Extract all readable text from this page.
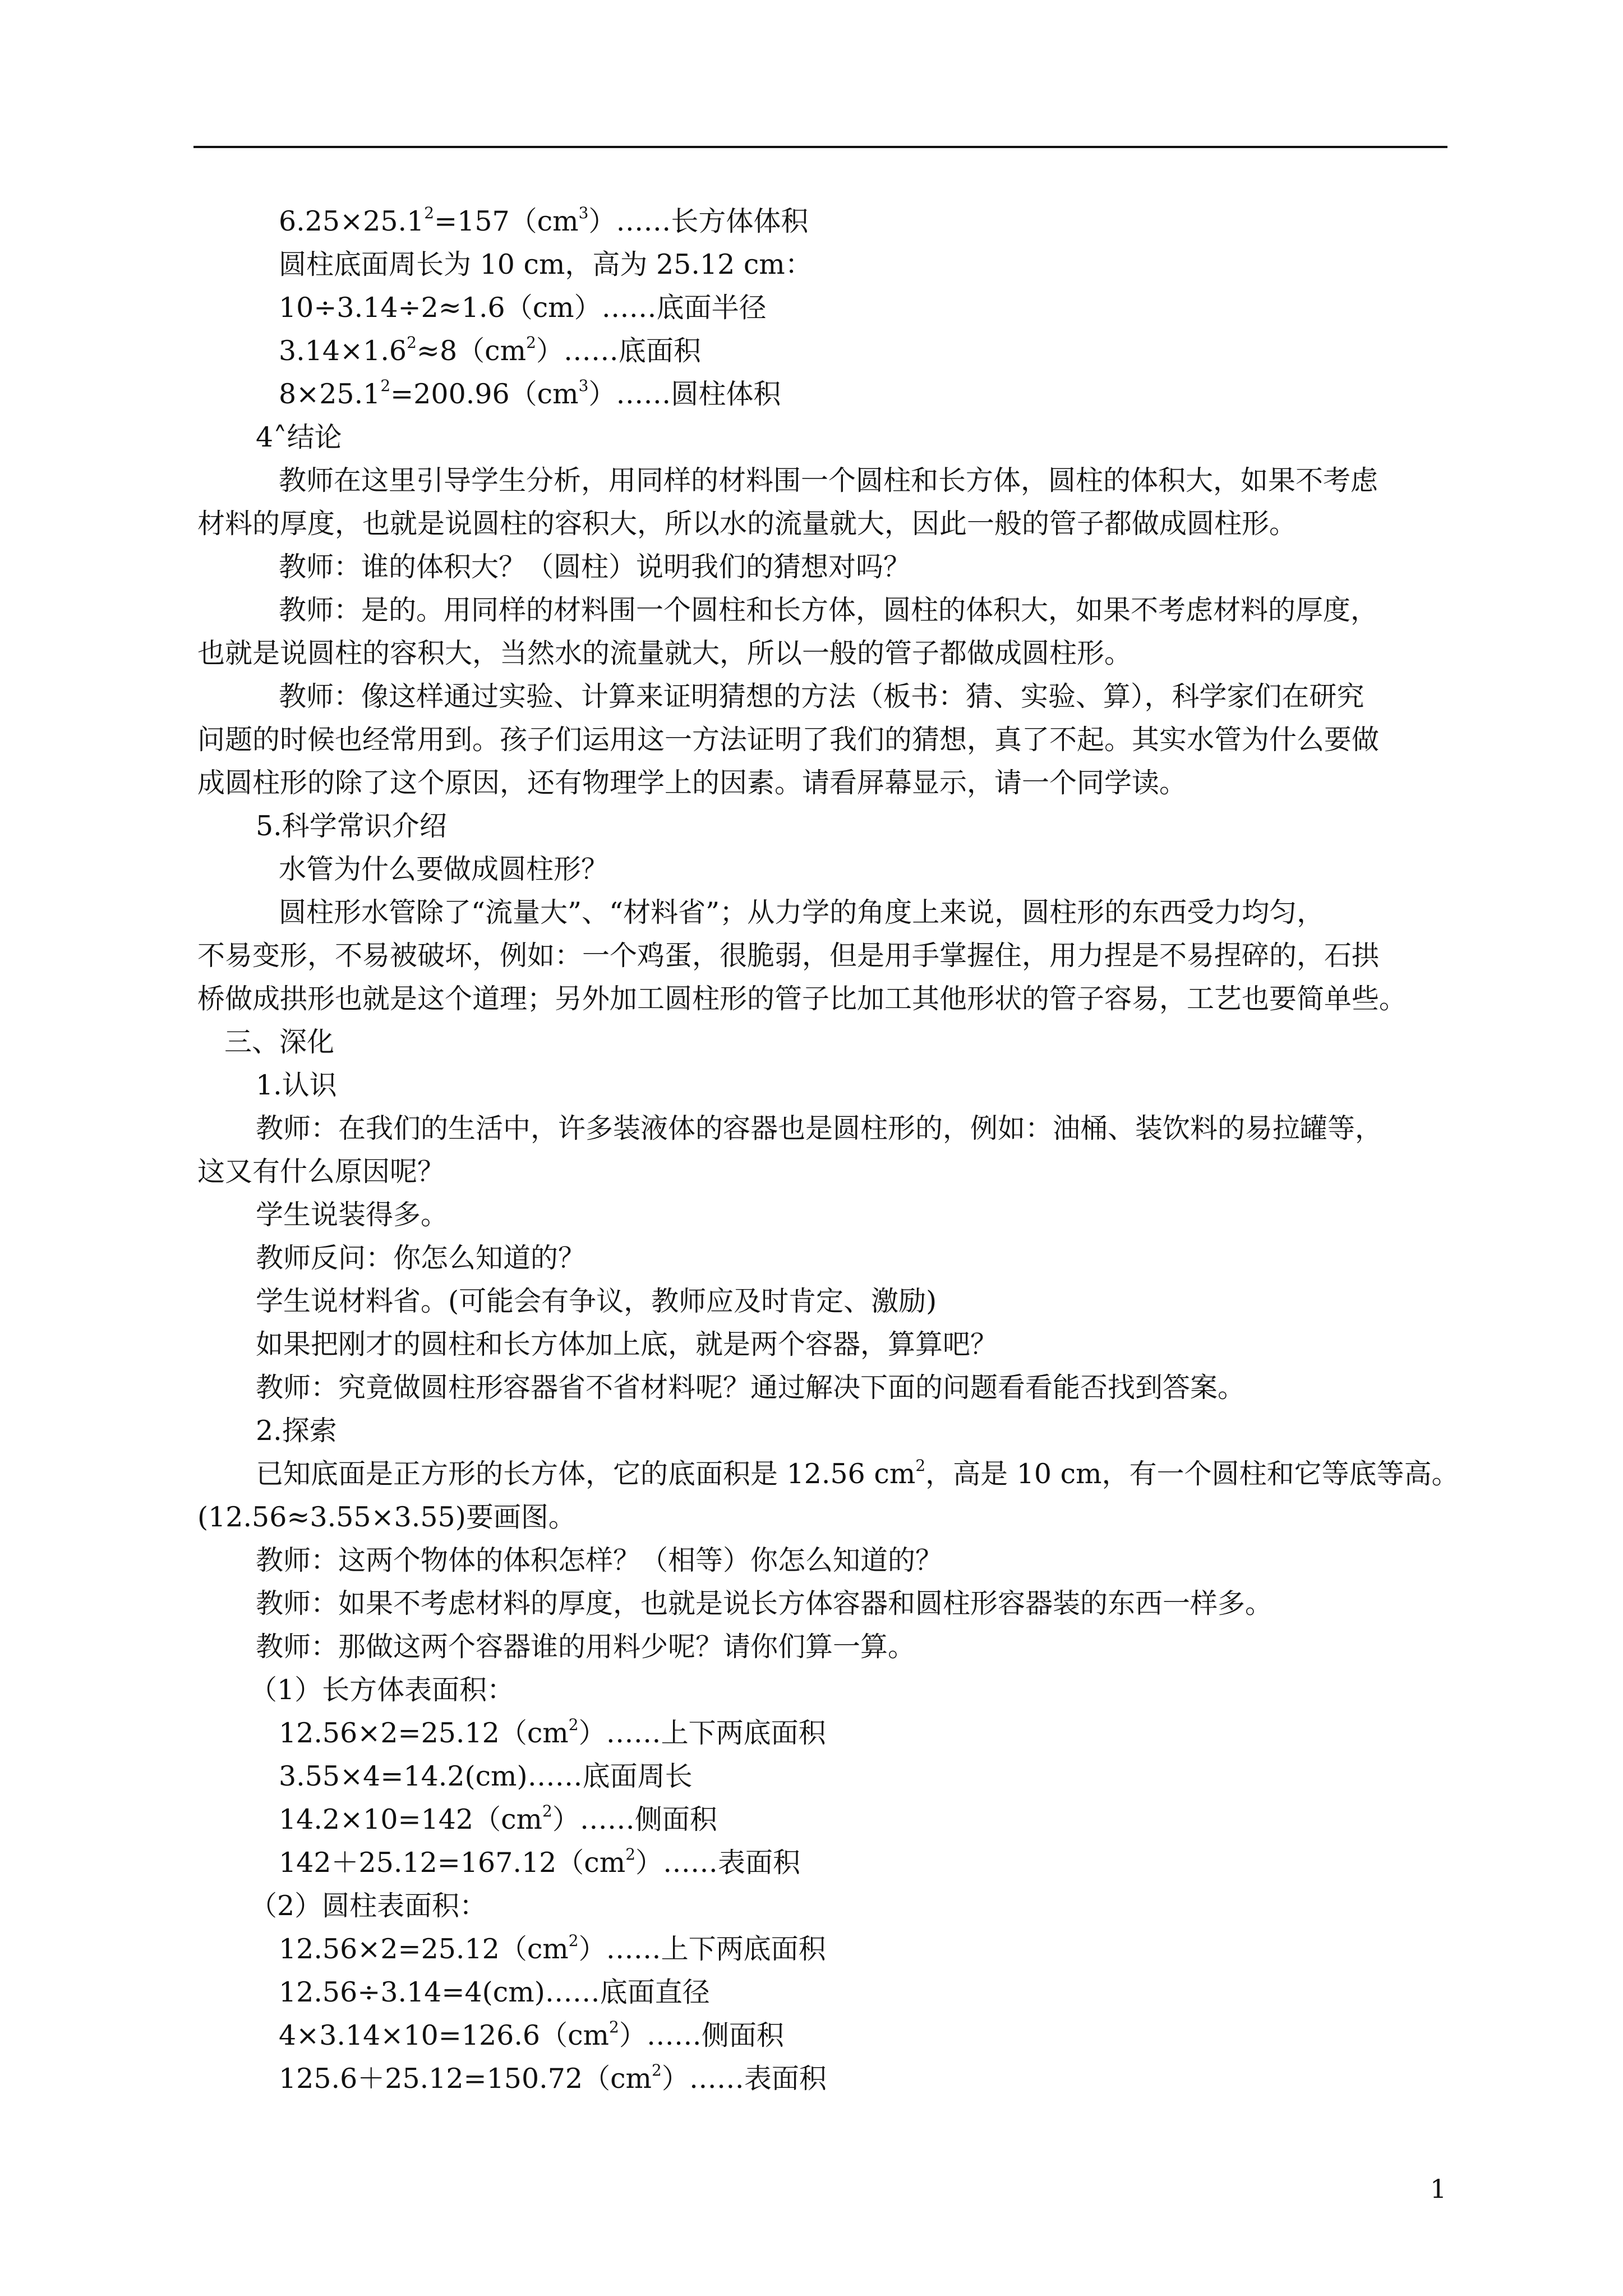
$6.25\times 25.1^2=157(cm^3)\dots\dots$长方体体积
圆柱底面周长为 10 cm，高为 25.12 cm：
10÷3.14÷2≈1.6（cm）……底面半径
$3.14\times 1.6^2\approx 8(cm^2)\dots\dots$底面积
$8\times 25.1^2=200.96(cm^3)\dots\dots$圆柱体积
4˄结论
教师在这里引导学生分析，用同样的材料围一个圆柱和长方体，圆柱的体积大，如果不考虑
材料的厚度，也就是说圆柱的容积大，所以水的流量就大，因此一般的管子都做成圆柱形。
教师：谁的体积大？（圆柱）说明我们的猜想对吗？
教师：是的。用同样的材料围一个圆柱和长方体，圆柱的体积大，如果不考虑材料的厚度，
也就是说圆柱的容积大，当然水的流量就大，所以一般的管子都做成圆柱形。
教师：像这样通过实验、计算来证明猜想的方法（板书：猜、实验、算），科学家们在研究
问题的时候也经常用到。孩子们运用这一方法证明了我们的猜想，真了不起。其实水管为什么要做
成圆柱形的除了这个原因，还有物理学上的因素。请看屏幕显示，请一个同学读。
5.科学常识介绍
水管为什么要做成圆柱形？
圆柱形水管除了“流量大”、“材料省”；从力学的角度上来说，圆柱形的东西受力均匀，
不易变形，不易被破坏，例如：一个鸡蛋，很脆弱，但是用手掌握住，用力捏是不易捏碎的，石拱
桥做成拱形也就是这个道理；另外加工圆柱形的管子比加工其他形状的管子容易，工艺也要简单些。
三、深化
1.认识
教师：在我们的生活中，许多装液体的容器也是圆柱形的，例如：油桶、装饮料的易拉罐等，
这又有什么原因呢？
学生说装得多。
教师反问：你怎么知道的？
学生说材料省。(可能会有争议，教师应及时肯定、激励)
如果把刚才的圆柱和长方体加上底，就是两个容器，算算吧？
教师：究竟做圆柱形容器省不省材料呢？通过解决下面的问题看看能否找到答案。
2.探索
已知底面是正方形的长方体，它的底面积是 12.56 $cm^2$，高是 10 cm，有一个圆柱和它等底等高。
(12.56≈3.55×3.55)要画图。
教师：这两个物体的体积怎样？（相等）你怎么知道的？
教师：如果不考虑材料的厚度，也就是说长方体容器和圆柱形容器装的东西一样多。
教师：那做这两个容器谁的用料少呢？请你们算一算。
（1）长方体表面积：
$12.56\times 2=25.12(cm^2)\dots\dots$上下两底面积
3.55×4=14.2(cm)……底面周长
$14.2\times 10=142(cm^2)\dots\dots$侧面积
$142+25.12=167.12(cm^2)\dots\dots$表面积
（2）圆柱表面积：
$12.56\times 2=25.12(cm^2)\dots\dots$上下两底面积
12.56÷3.14=4(cm)……底面直径
$4\times 3.14\times 10=126.6(cm^2)\dots\dots$侧面积
$125.6+25.12=150.72(cm^2)\dots\dots$表面积
1
